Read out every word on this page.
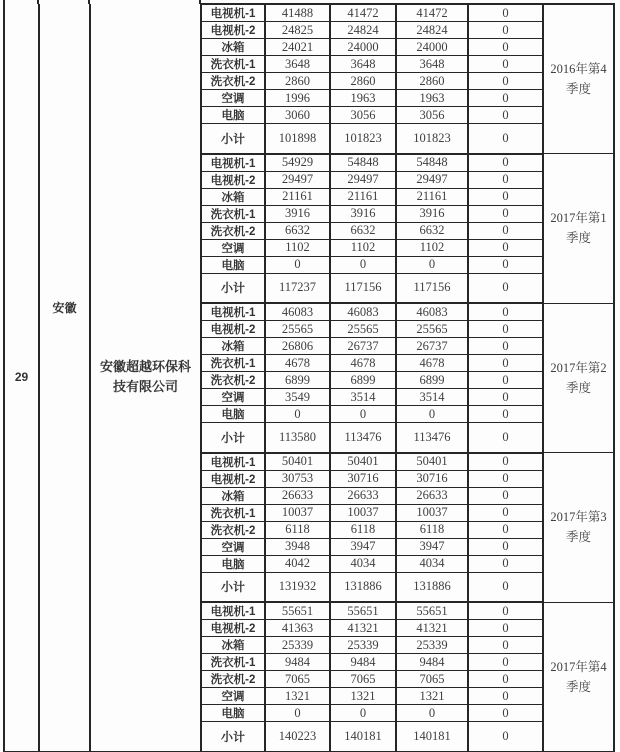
29	安徽	安徽超越环保科技有限公司	电视机-1	41488	41472	41472	0	2016年第4季度
			电视机-2	24825	24824	24824	0	
			冰箱	24021	24000	24000	0	
			洗衣机-1	3648	3648	3648	0	
			洗衣机-2	2860	2860	2860	0	
			空调	1996	1963	1963	0	
			电脑	3060	3056	3056	0	
			小计	101898	101823	101823	0	
			电视机-1	54929	54848	54848	0	2017年第1季度
			电视机-2	29497	29497	29497	0	
			冰箱	21161	21161	21161	0	
			洗衣机-1	3916	3916	3916	0	
			洗衣机-2	6632	6632	6632	0	
			空调	1102	1102	1102	0	
			电脑	0	0	0	0	
			小计	117237	117156	117156	0	
			电视机-1	46083	46083	46083	0	2017年第2季度
			电视机-2	25565	25565	25565	0	
			冰箱	26806	26737	26737	0	
			洗衣机-1	4678	4678	4678	0	
			洗衣机-2	6899	6899	6899	0	
			空调	3549	3514	3514	0	
			电脑	0	0	0	0	
			小计	113580	113476	113476	0	
			电视机-1	50401	50401	50401	0	2017年第3季度
			电视机-2	30753	30716	30716	0	
			冰箱	26633	26633	26633	0	
			洗衣机-1	10037	10037	10037	0	
			洗衣机-2	6118	6118	6118	0	
			空调	3948	3947	3947	0	
			电脑	4042	4034	4034	0	
			小计	131932	131886	131886	0	
			电视机-1	55651	55651	55651	0	2017年第4季度
			电视机-2	41363	41321	41321	0	
			冰箱	25339	25339	25339	0	
			洗衣机-1	9484	9484	9484	0	
			洗衣机-2	7065	7065	7065	0	
			空调	1321	1321	1321	0	
			电脑	0	0	0	0	
			小计	140223	140181	140181	0	
